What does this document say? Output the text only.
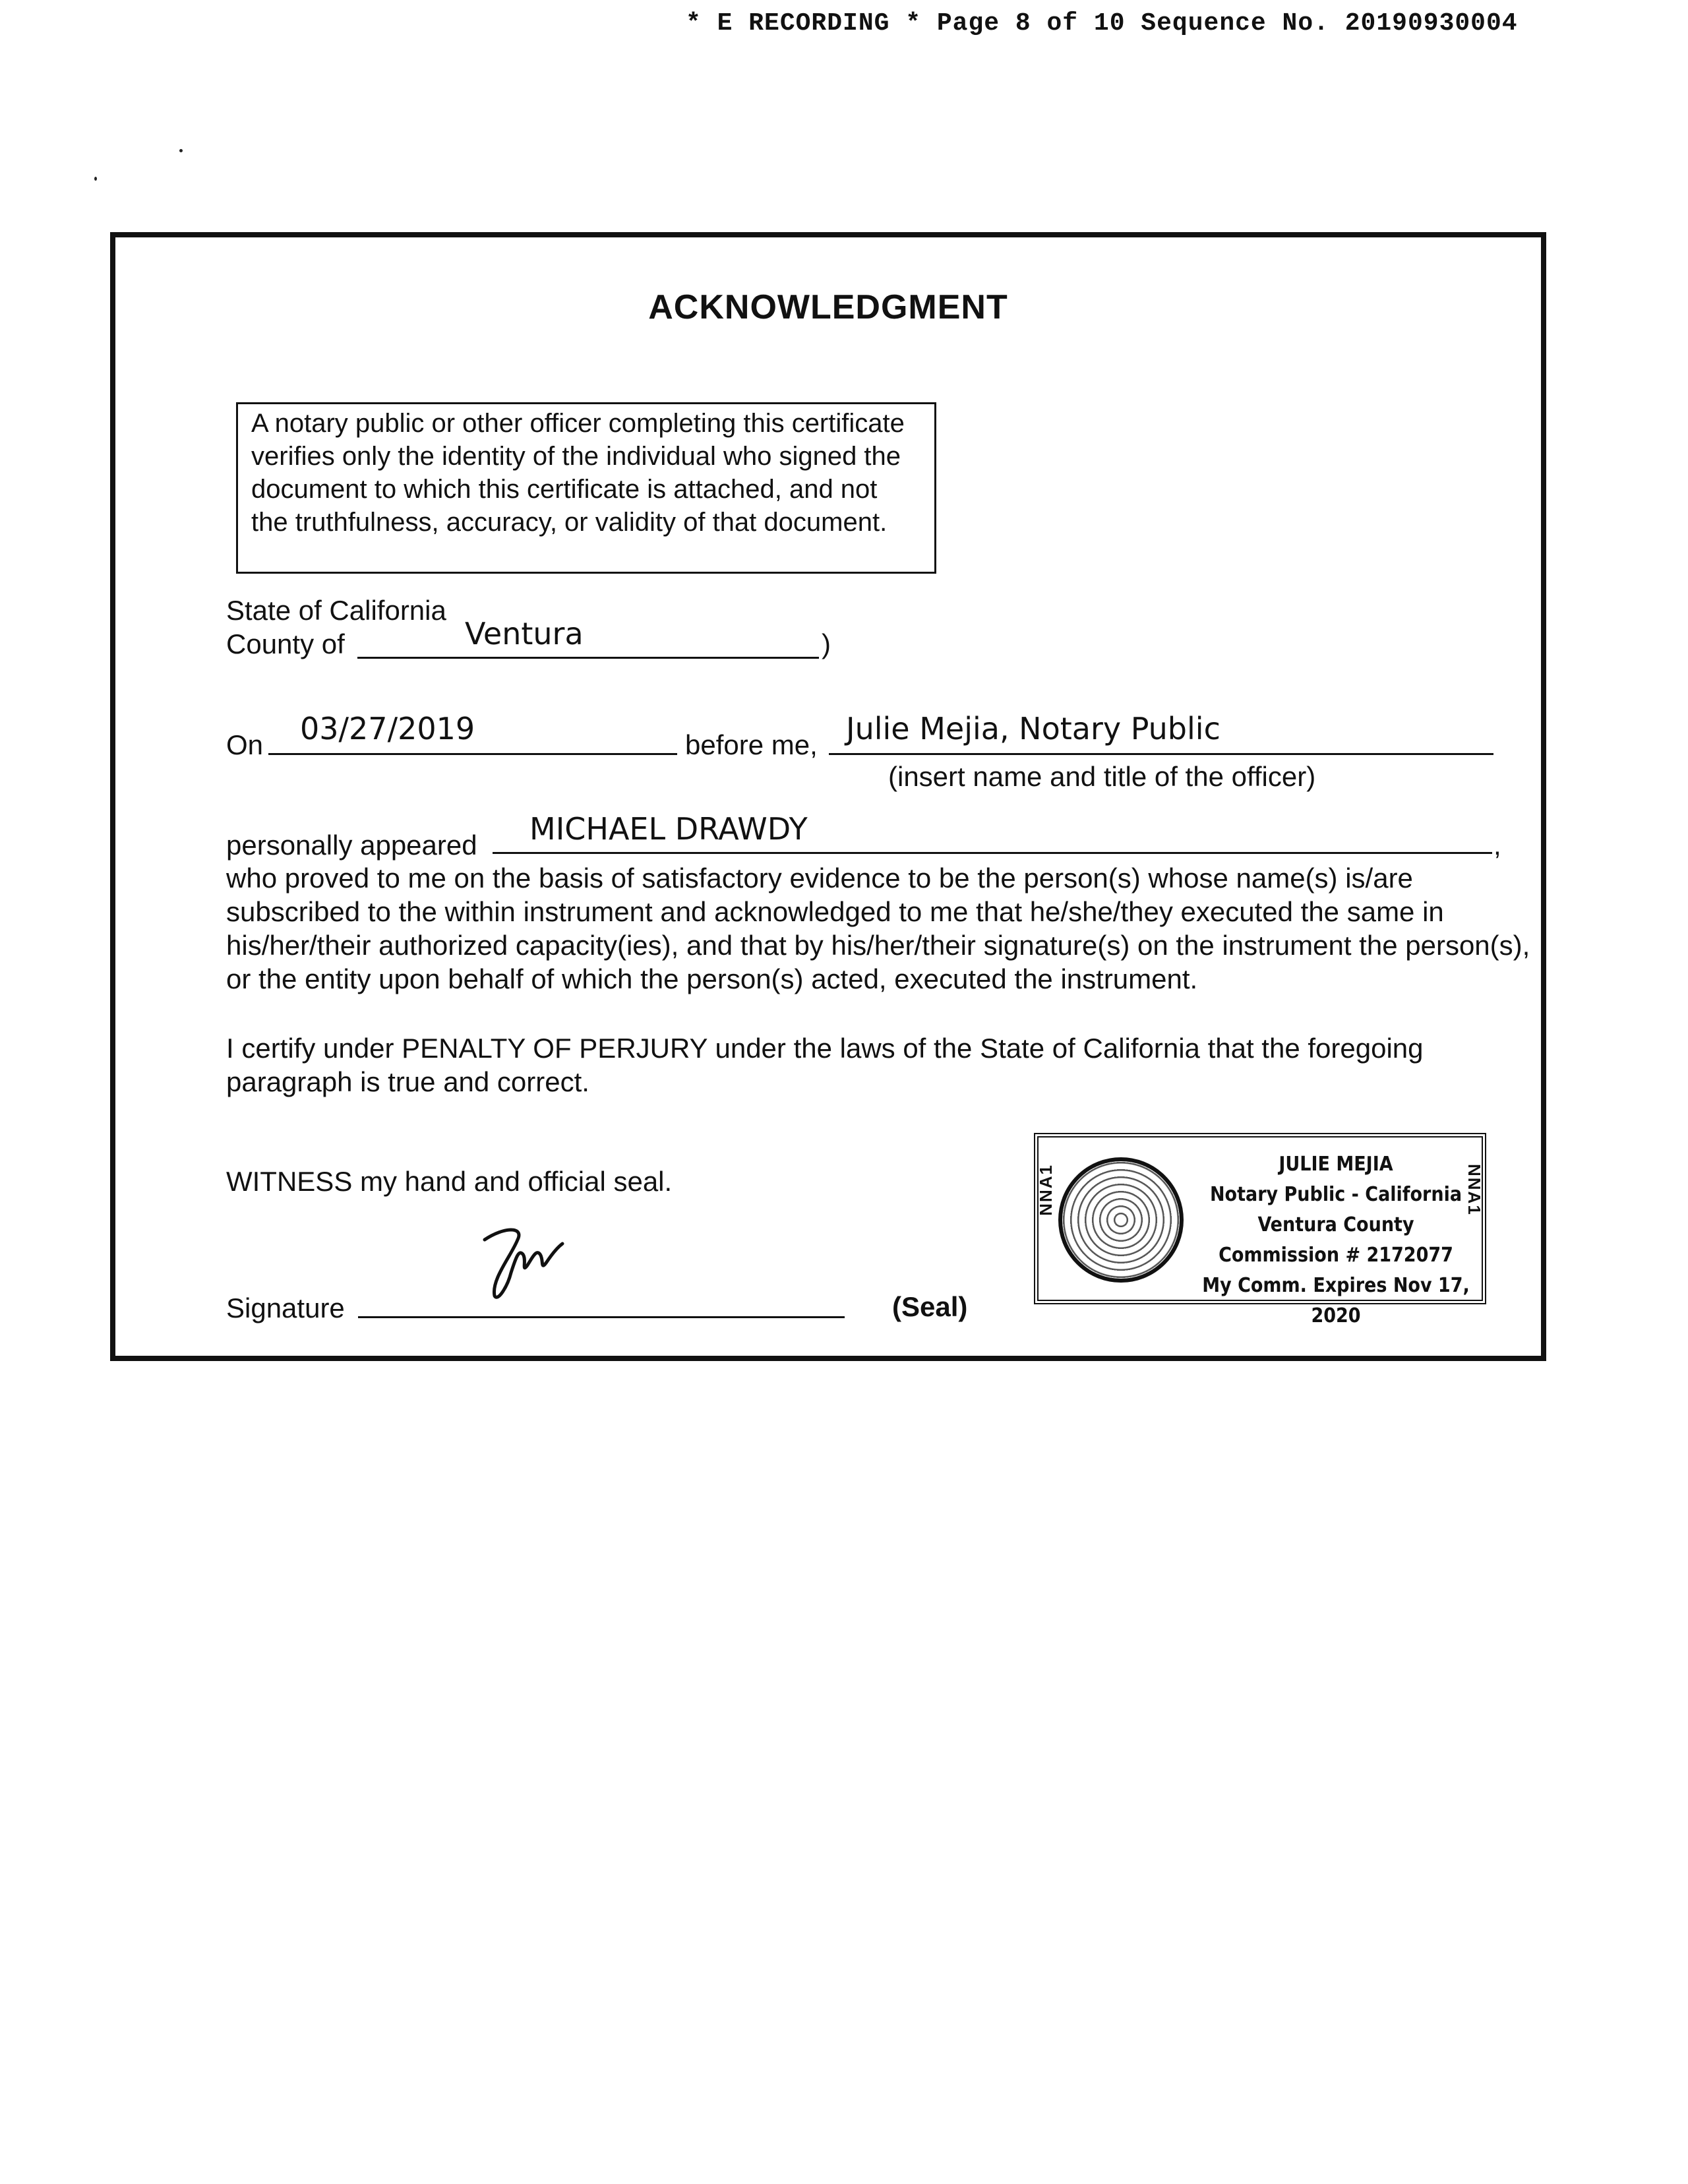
* E RECORDING * Page 8 of 10 Sequence No. 20190930004
ACKNOWLEDGMENT
A notary public or other officer completing this certificate verifies only the identity of the individual who signed the document to which this certificate is attached, and not the truthfulness, accuracy, or validity of that document.
State of California
County of	Ventura	)
On 03/27/2019	before me, Julie Mejia, Notary Public
(insert name and title of the officer)
personally appeared MICHAEL DRAWDY	,
who proved to me on the basis of satisfactory evidence to be the person(s) whose name(s) is/are subscribed to the within instrument and acknowledged to me that he/she/they executed the same in his/her/their authorized capacity(ies), and that by his/her/their signature(s) on the instrument the person(s), or the entity upon behalf of which the person(s) acted, executed the instrument.
I certify under PENALTY OF PERJURY under the laws of the State of California that the foregoing paragraph is true and correct.
WITNESS my hand and official seal.
Signature	(Seal)
NNA1	NNA1
JULIE MEJIA
Notary Public - California
Ventura County
Commission # 2172077
My Comm. Expires Nov 17, 2020
